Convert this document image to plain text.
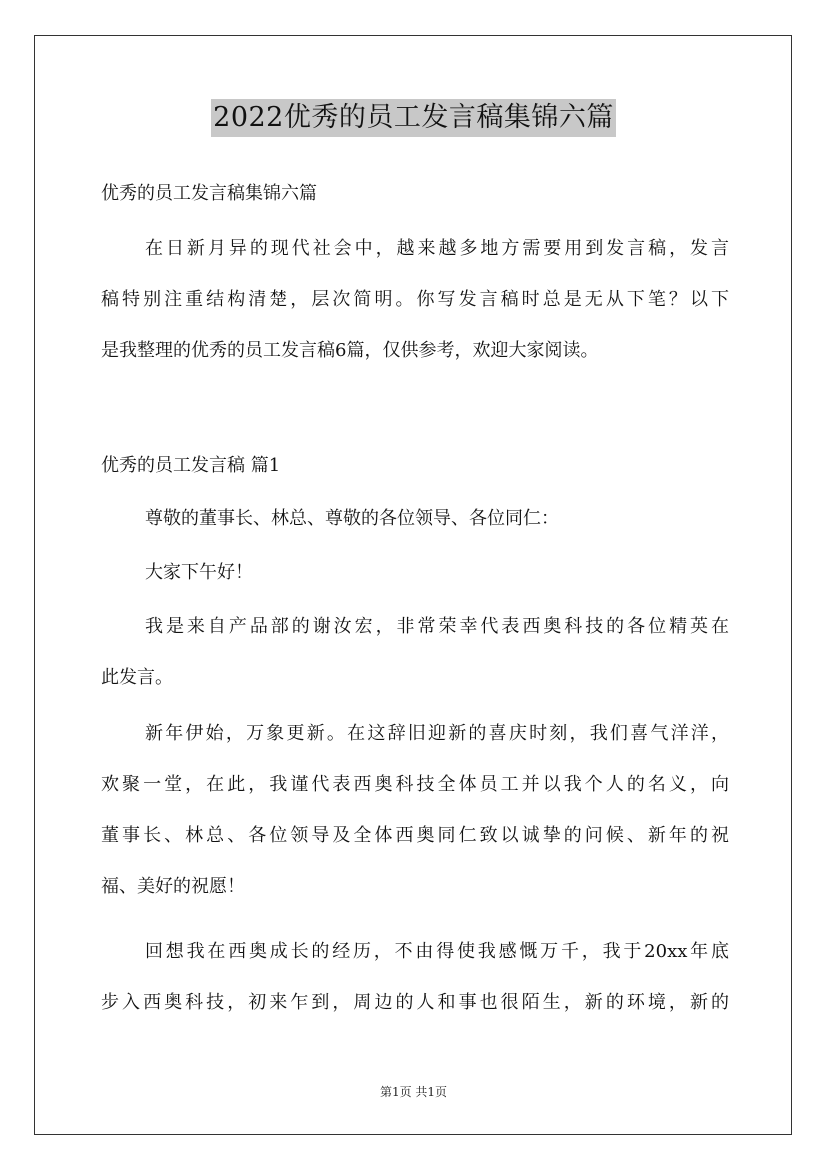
2022优秀的员工发言稿集锦六篇
优秀的员工发言稿集锦六篇
在日新月异的现代社会中，越来越多地方需要用到发言稿，发言
稿特别注重结构清楚，层次简明。你写发言稿时总是无从下笔？以下
是我整理的优秀的员工发言稿6篇，仅供参考，欢迎大家阅读。
优秀的员工发言稿 篇1
尊敬的董事长、林总、尊敬的各位领导、各位同仁：
大家下午好！
我是来自产品部的谢汝宏，非常荣幸代表西奥科技的各位精英在
此发言。
新年伊始，万象更新。在这辞旧迎新的喜庆时刻，我们喜气洋洋，
欢聚一堂，在此，我谨代表西奥科技全体员工并以我个人的名义，向
董事长、林总、各位领导及全体西奥同仁致以诚挚的问候、新年的祝
福、美好的祝愿！
回想我在西奥成长的经历，不由得使我感慨万千，我于20xx年底
步入西奥科技，初来乍到，周边的人和事也很陌生，新的环境，新的
第1页 共1页
